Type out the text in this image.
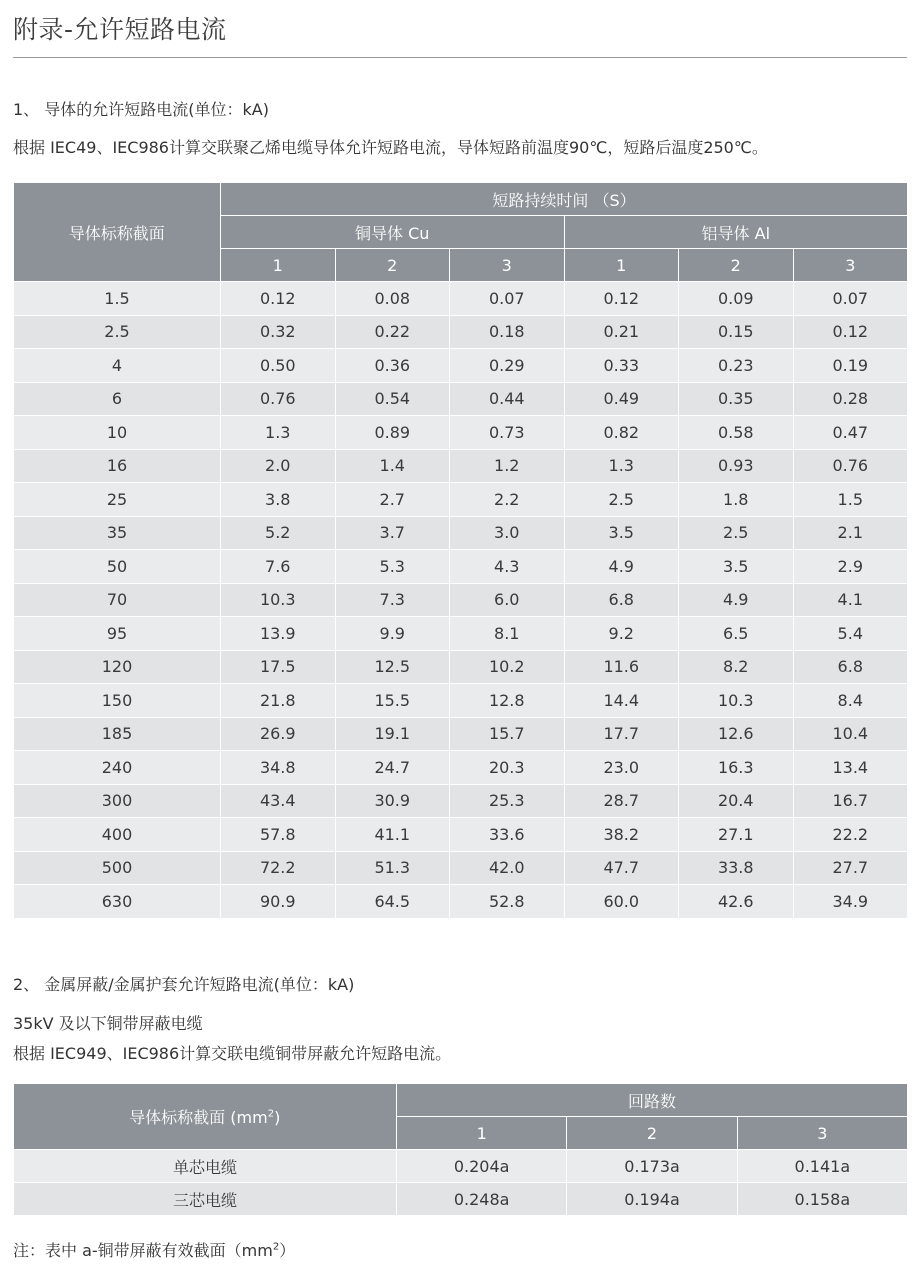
附录-允许短路电流
1、 导体的允许短路电流(单位：kA)
根据 IEC49、IEC986计算交联聚乙烯电缆导体允许短路电流，导体短路前温度90℃，短路后温度250℃。
导体标称截面	短路持续时间 （S）					
	铜导体 Cu			铝导体 Al		
	1	2	3	1	2	3
1.5	0.12	0.08	0.07	0.12	0.09	0.07
2.5	0.32	0.22	0.18	0.21	0.15	0.12
4	0.50	0.36	0.29	0.33	0.23	0.19
6	0.76	0.54	0.44	0.49	0.35	0.28
10	1.3	0.89	0.73	0.82	0.58	0.47
16	2.0	1.4	1.2	1.3	0.93	0.76
25	3.8	2.7	2.2	2.5	1.8	1.5
35	5.2	3.7	3.0	3.5	2.5	2.1
50	7.6	5.3	4.3	4.9	3.5	2.9
70	10.3	7.3	6.0	6.8	4.9	4.1
95	13.9	9.9	8.1	9.2	6.5	5.4
120	17.5	12.5	10.2	11.6	8.2	6.8
150	21.8	15.5	12.8	14.4	10.3	8.4
185	26.9	19.1	15.7	17.7	12.6	10.4
240	34.8	24.7	20.3	23.0	16.3	13.4
300	43.4	30.9	25.3	28.7	20.4	16.7
400	57.8	41.1	33.6	38.2	27.1	22.2
500	72.2	51.3	42.0	47.7	33.8	27.7
630	90.9	64.5	52.8	60.0	42.6	34.9
2、 金属屏蔽/金属护套允许短路电流(单位：kA)
35kV 及以下铜带屏蔽电缆
根据 IEC949、IEC986计算交联电缆铜带屏蔽允许短路电流。
导体标称截面 $(mm^2)$	回路数		
	1	2	3
单芯电缆	0.204a	0.173a	0.141a
三芯电缆	0.248a	0.194a	0.158a
注：表中 a-铜带屏蔽有效截面$(mm^2)$
